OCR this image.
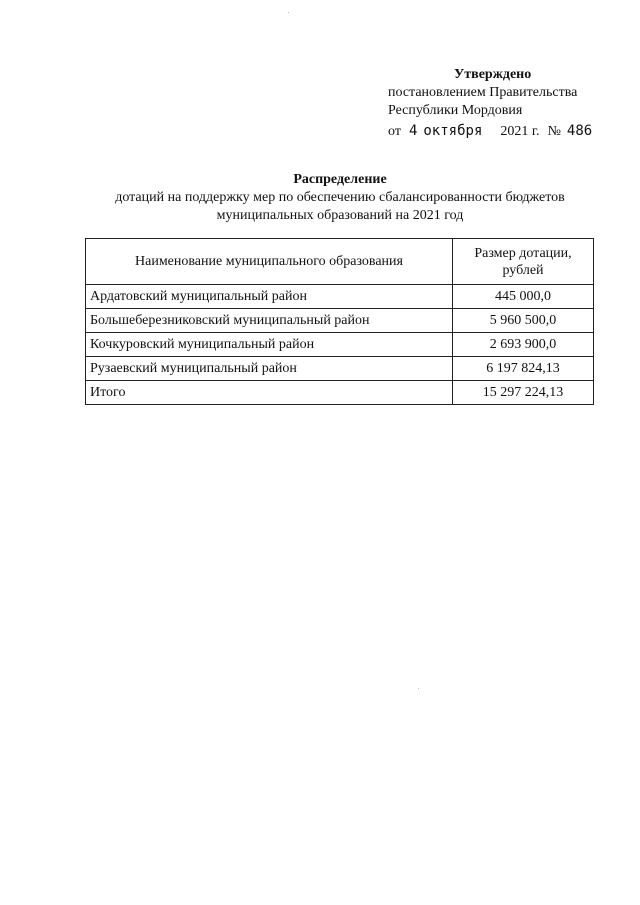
Утверждено
постановлением Правительства
Республики Мордовия
от 4 октября 2021 г. № 486
Распределение
дотаций на поддержку мер по обеспечению сбалансированности бюджетов
муниципальных образований на 2021 год
Наименование муниципального образования	Размер дотации,
рублей

Ардатовский муниципальный район	445 000,0
Большеберезниковский муниципальный район	5 960 500,0
Кочкуровский муниципальный район	2 693 900,0
Рузаевский муниципальный район	6 197 824,13
Итого	15 297 224,13
